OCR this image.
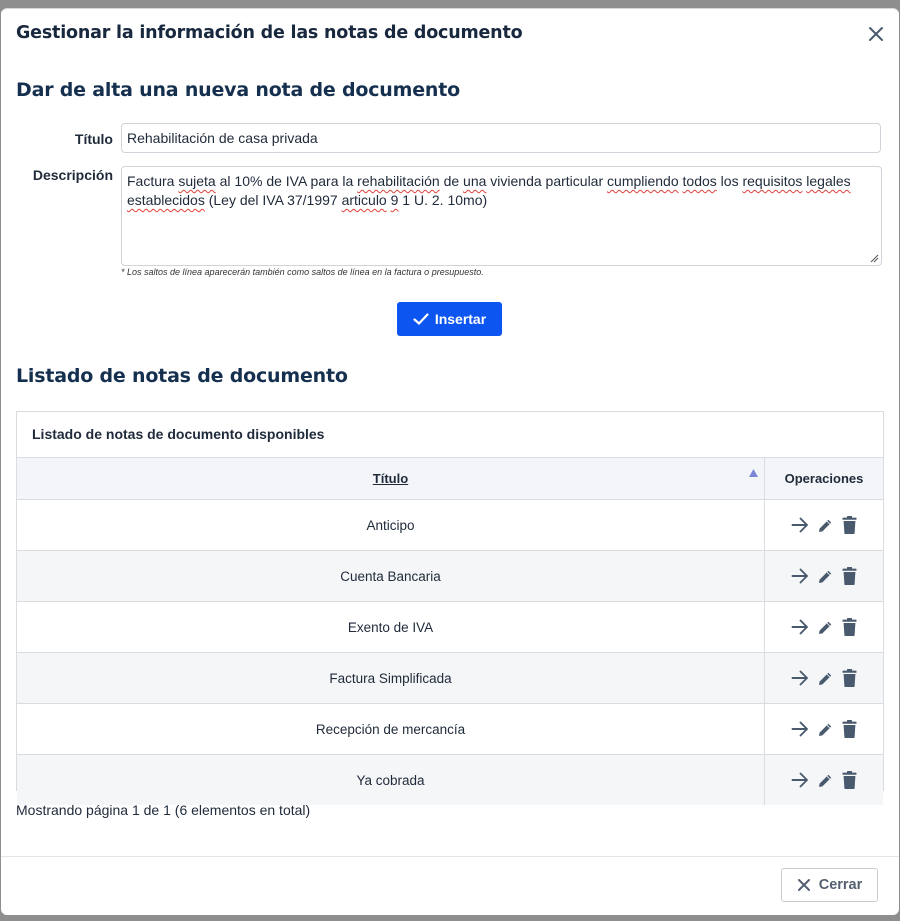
Gestionar la información de las notas de documento
Dar de alta una nueva nota de documento
Título	Rehabilitación de casa privada
Descripción	Factura sujeta al 10% de IVA para la rehabilitación de una vivienda particular cumpliendo todos los requisitos legales establecidos (Ley del IVA 37/1997 articulo 9 1 U. 2. 10mo)
* Los saltos de línea aparecerán también como saltos de línea en la factura o presupuesto.
Insertar
Listado de notas de documento
Listado de notas de documento disponibles
Título	Operaciones
Anticipo	

Cuenta Bancaria	

Exento de IVA	

Factura Simplificada	

Recepción de mercancía	

Ya cobrada	
Mostrando página 1 de 1 (6 elementos en total)
Cerrar
